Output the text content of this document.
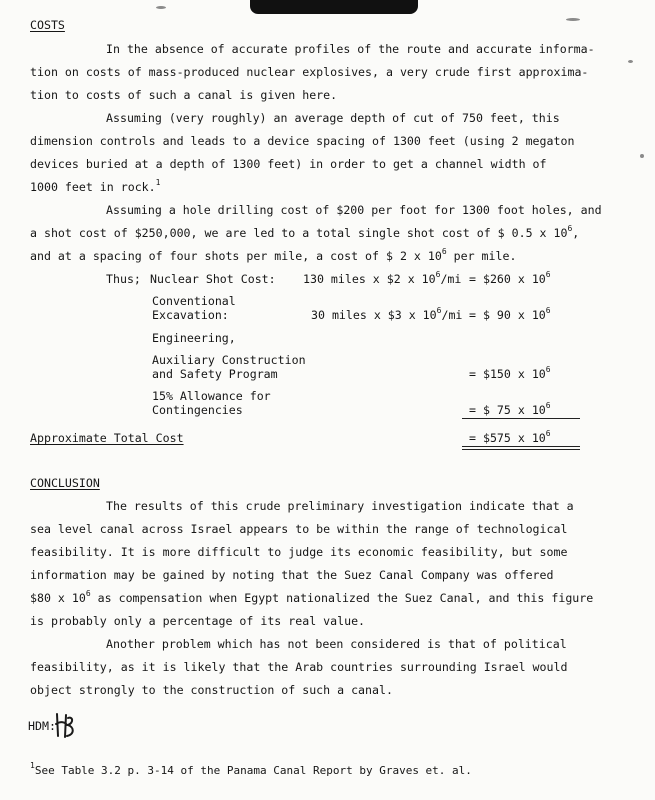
COSTS
In the absence of accurate profiles of the route and accurate informa-
tion on costs of mass-produced nuclear explosives, a very crude first approxima-
tion to costs of such a canal is given here.
Assuming (very roughly) an average depth of cut of 750 feet, this
dimension controls and leads to a device spacing of 1300 feet (using 2 megaton
devices buried at a depth of 1300 feet) in order to get a channel width of
1000 feet in rock.$^1$
Assuming a hole drilling cost of $200 per foot for 1300 foot holes, and
a shot cost of $250,000, we are led to a total single shot cost of $ 0.5 x $10^6$,
and at a spacing of four shots per mile, a cost of $ 2 x $10^6$ per mile.
Thus; Nuclear Shot Cost: 130 miles x $2 x $10^6/mi$ = $260 x $10^6$
Conventional
Excavation:	30 miles x $3 x $10^6/mi$ = $ 90 x $10^6$
Engineering,
Auxiliary Construction
and Safety Program	= $150 x $10^6$
15% Allowance for
Contingencies	= $ 75 x $10^6$
Approximate Total Cost	= $575 x $10^6$
CONCLUSION
The results of this crude preliminary investigation indicate that a
sea level canal across Israel appears to be within the range of technological
feasibility. It is more difficult to judge its economic feasibility, but some
information may be gained by noting that the Suez Canal Company was offered
$80 x $10^6$ as compensation when Egypt nationalized the Suez Canal, and this figure
is probably only a percentage of its real value.
Another problem which has not been considered is that of political
feasibility, as it is likely that the Arab countries surrounding Israel would
object strongly to the construction of such a canal.
HDM:
$^1$See Table 3.2 p. 3-14 of the Panama Canal Report by Graves et. al.
